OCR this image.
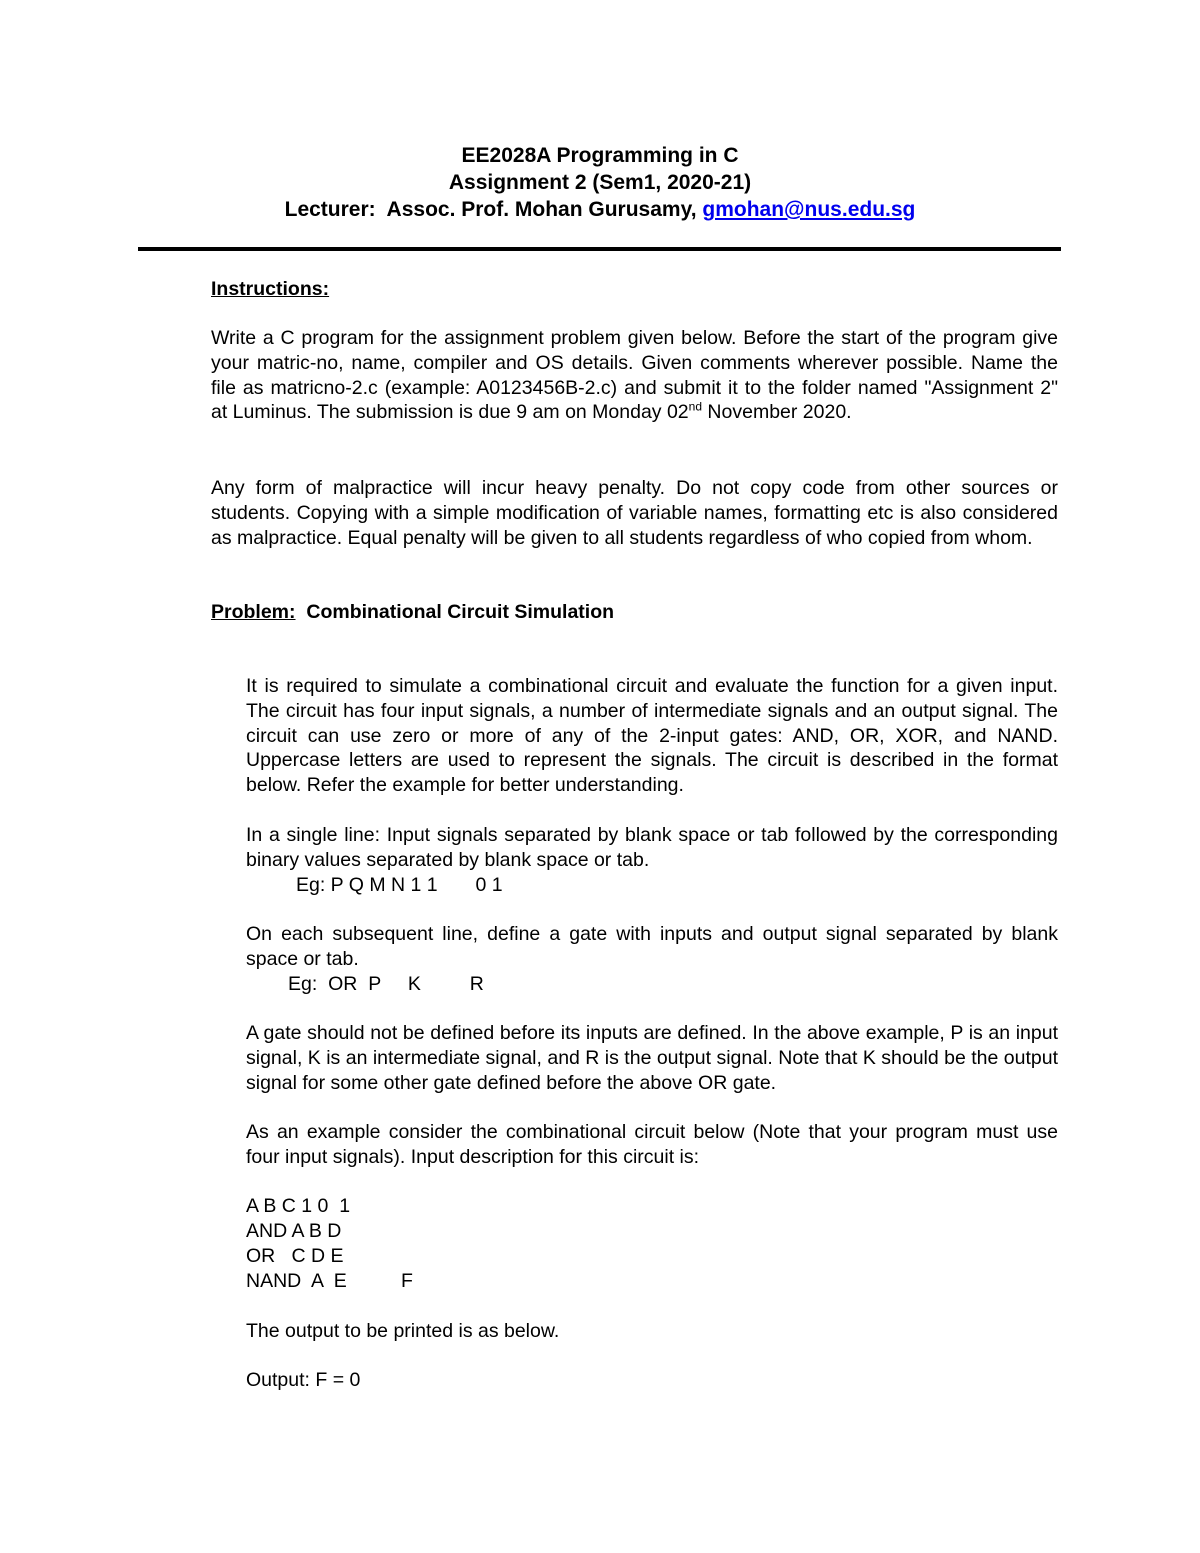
EE2028A Programming in C
Assignment 2 (Sem1, 2020-21)
Lecturer:  Assoc. Prof. Mohan Gurusamy, gmohan@nus.edu.sg
Instructions:
Write a C program for the assignment problem given below. Before the start of the program give your matric-no, name, compiler and OS details. Given comments wherever possible. Name the file as matricno-2.c (example: A0123456B-2.c) and submit it to the folder named "Assignment 2" at Luminus. The submission is due 9 am on Monday 02nd November 2020.
Any form of malpractice will incur heavy penalty. Do not copy code from other sources or students. Copying with a simple modification of variable names, formatting etc is also considered as malpractice. Equal penalty will be given to all students regardless of who copied from whom.
Problem: Combinational Circuit Simulation
It is required to simulate a combinational circuit and evaluate the function for a given input. The circuit has four input signals, a number of intermediate signals and an output signal. The circuit can use zero or more of any of the 2-input gates: AND, OR, XOR, and NAND. Uppercase letters are used to represent the signals. The circuit is described in the format below. Refer the example for better understanding.
In a single line: Input signals separated by blank space or tab followed by the corresponding binary values separated by blank space or tab.
Eg: P Q M N 1 1       0 1
On each subsequent line, define a gate with inputs and output signal separated by blank space or tab.
Eg:  OR  P     K         R
A gate should not be defined before its inputs are defined. In the above example, P is an input signal, K is an intermediate signal, and R is the output signal. Note that K should be the output signal for some other gate defined before the above OR gate.
As an example consider the combinational circuit below (Note that your program must use four input signals). Input description for this circuit is:
A B C 1 0  1
AND A B D
OR   C D E
NAND  A  E          F
The output to be printed is as below.
Output: F = 0
